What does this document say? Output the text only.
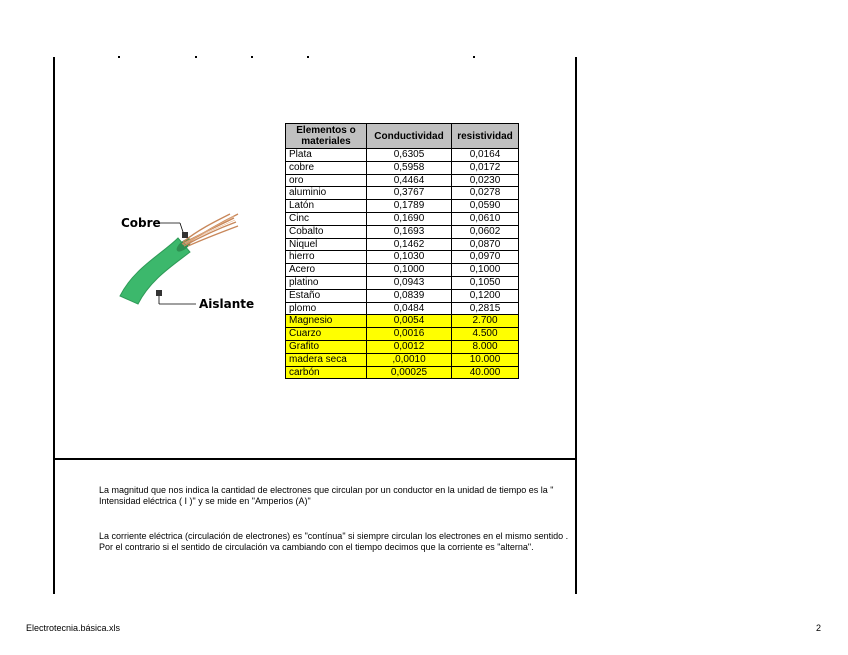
Cobre
Aislante
Elementos o materiales	Conductividad	resistividad
Plata	0,6305	0,0164
cobre	0,5958	0,0172
oro	0,4464	0,0230
aluminio	0,3767	0,0278
Latón	0,1789	0,0590
Cinc	0,1690	0,0610
Cobalto	0,1693	0,0602
Niquel	0,1462	0,0870
hierro	0,1030	0,0970
Acero	0,1000	0,1000
platino	0,0943	0,1050
Estaño	0,0839	0,1200
plomo	0,0484	0,2815
Magnesio	0,0054	2.700
Cuarzo	0,0016	4.500
Grafito	0,0012	8.000
madera seca	,0,0010	10.000
carbón	0,00025	40.000
La magnitud que nos indica la cantidad de electrones que circulan por un conductor en la unidad de tiempo es la " Intensidad eléctrica ( I )" y se mide en "Amperios (A)"
La corriente eléctrica (circulación de electrones) es "contínua" si siempre circulan los electrones en el mismo sentido . Por el contrario si el sentido de circulación va cambiando con el tiempo decimos que la corriente es "alterna".
Electrotecnia.básica.xls	2
